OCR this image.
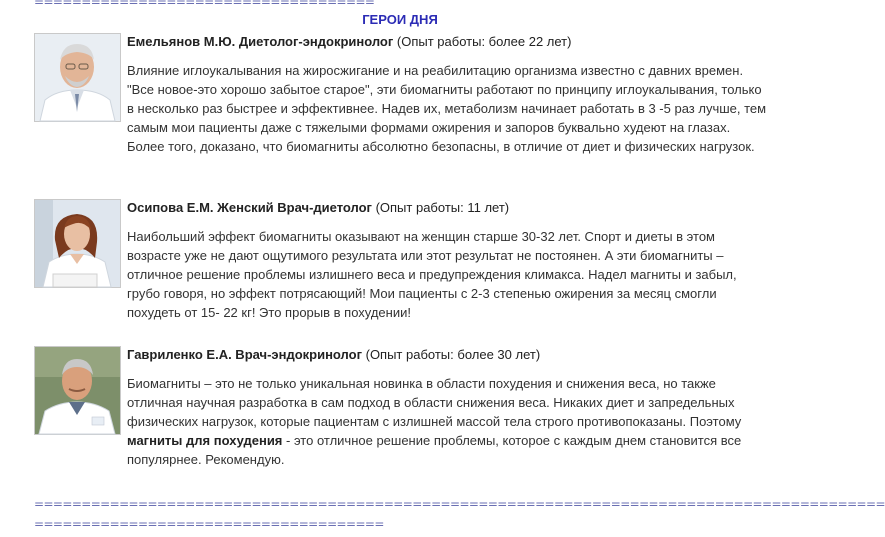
====================================
ГЕРОИ ДНЯ
Емельянов М.Ю. Диетолог-эндокринолог (Опыт работы: более 22 лет)
Влияние иглоукалывания на жиросжигание и на реабилитацию организма известно с давних времен. "Все новое-это хорошо забытое старое", эти биомагниты работают по принципу иглоукалывания, только в несколько раз быстрее и эффективнее. Надев их, метаболизм начинает работать в 3 -5 раз лучше, тем самым мои пациенты даже с тяжелыми формами ожирения и запоров буквально худеют на глазах. Более того, доказано, что биомагниты абсолютно безопасны, в отличие от диет и физических нагрузок.
Осипова Е.М. Женский Врач-диетолог (Опыт работы: 11 лет)
Наибольший эффект биомагниты оказывают на женщин старше 30-32 лет. Спорт и диеты в этом возрасте уже не дают ощутимого результата или этот результат не постоянен. А эти биомагниты – отличное решение проблемы излишнего веса и предупреждения климакса. Надел магниты и забыл, грубо говоря, но эффект потрясающий! Мои пациенты с 2-3 степенью ожирения за месяц смогли похудеть от 15- 22 кг! Это прорыв в похудении!
Гавриленко Е.А. Врач-эндокринолог (Опыт работы: более 30 лет)
Биомагниты – это не только уникальная новинка в области похудения и снижения веса, но также отличная научная разработка в сам подход в области снижения веса. Никаких диет и запредельных физических нагрузок, которые пациентам с излишней массой тела строго противопоказаны. Поэтому магниты для похудения - это отличное решение проблемы, которое с каждым днем становится все популярнее. Рекомендую.
==========================================================================================
=====================================
